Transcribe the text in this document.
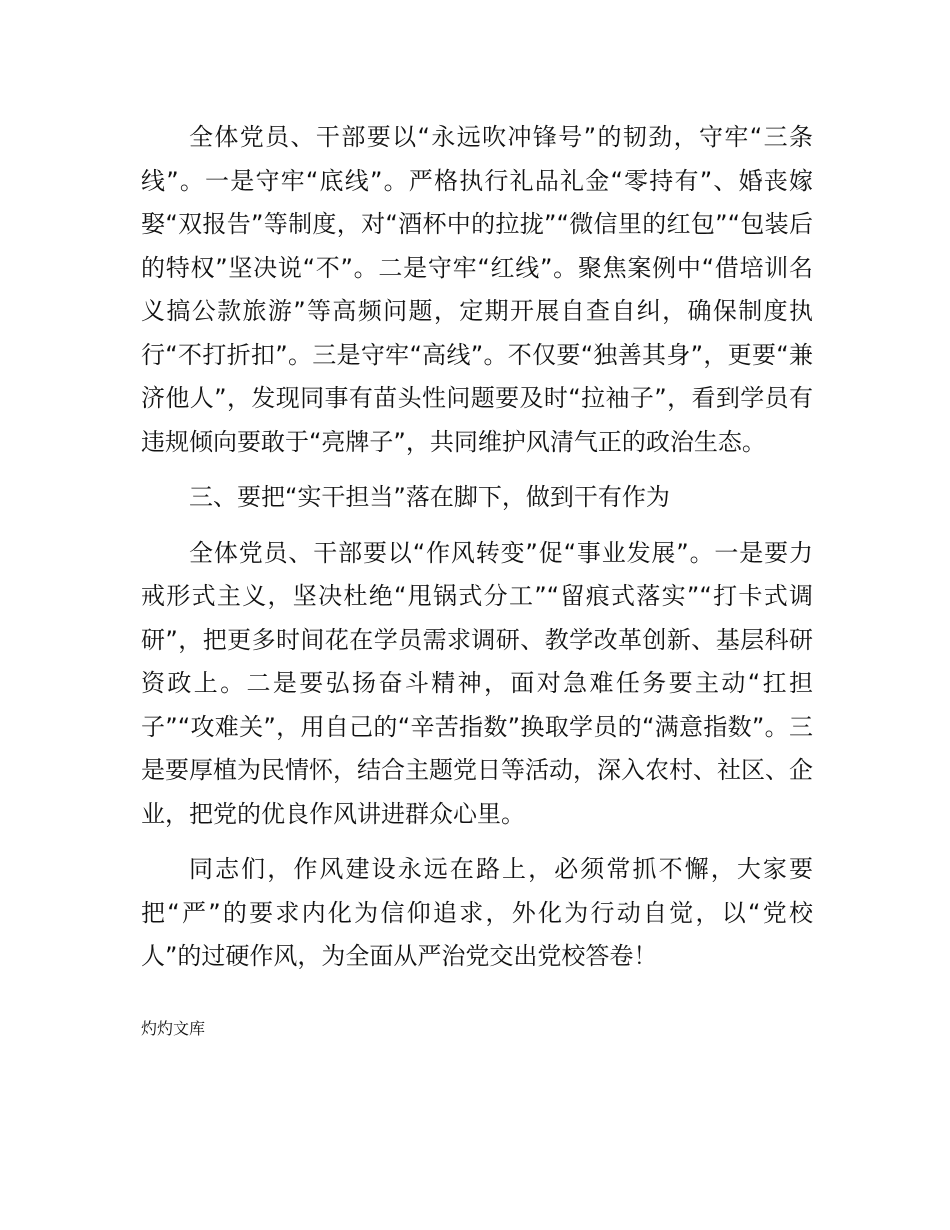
全体党员、干部要以“永远吹冲锋号”的韧劲，守牢“三条线”。一是守牢“底线”。严格执行礼品礼金“零持有”、婚丧嫁娶“双报告”等制度，对“酒杯中的拉拢”“微信里的红包”“包装后的特权”坚决说“不”。二是守牢“红线”。聚焦案例中“借培训名义搞公款旅游”等高频问题，定期开展自查自纠，确保制度执行“不打折扣”。三是守牢“高线”。不仅要“独善其身”，更要“兼济他人”，发现同事有苗头性问题要及时“拉袖子”，看到学员有违规倾向要敢于“亮牌子”，共同维护风清气正的政治生态。

三、要把“实干担当”落在脚下，做到干有作为

全体党员、干部要以“作风转变”促“事业发展”。一是要力戒形式主义，坚决杜绝“甩锅式分工”“留痕式落实”“打卡式调研”，把更多时间花在学员需求调研、教学改革创新、基层科研资政上。二是要弘扬奋斗精神，面对急难任务要主动“扛担子”“攻难关”，用自己的“辛苦指数”换取学员的“满意指数”。三是要厚植为民情怀，结合主题党日等活动，深入农村、社区、企业，把党的优良作风讲进群众心里。

同志们，作风建设永远在路上，必须常抓不懈，大家要把“严”的要求内化为信仰追求，外化为行动自觉，以“党校人”的过硬作风，为全面从严治党交出党校答卷！

灼灼文库
